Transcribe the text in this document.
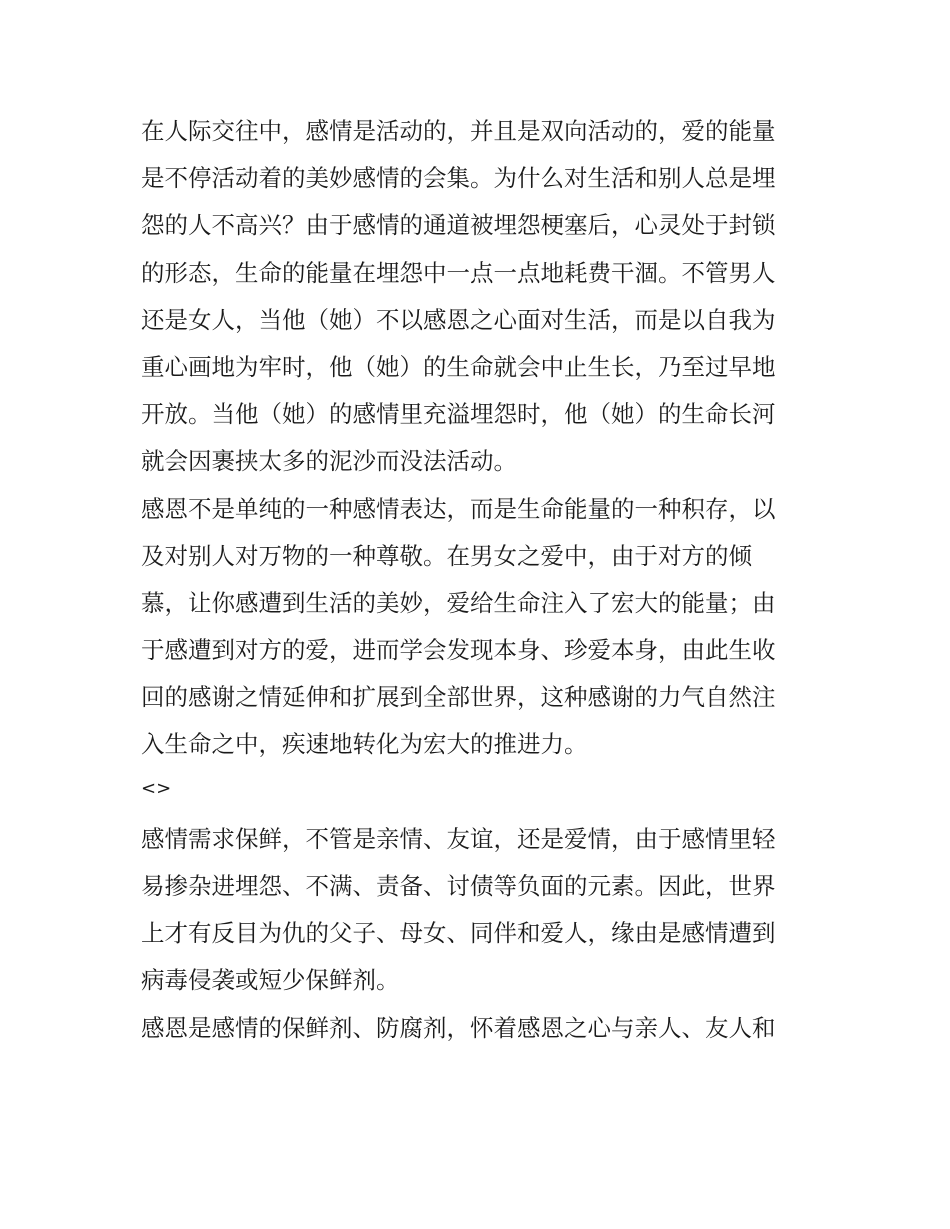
在人际交往中，感情是活动的，并且是双向活动的，爱的能量
是不停活动着的美妙感情的会集。为什么对生活和别人总是埋
怨的人不高兴？由于感情的通道被埋怨梗塞后，心灵处于封锁
的形态，生命的能量在埋怨中一点一点地耗费干涸。不管男人
还是女人，当他（她）不以感恩之心面对生活，而是以自我为
重心画地为牢时，他（她）的生命就会中止生长，乃至过早地
开放。当他（她）的感情里充溢埋怨时，他（她）的生命长河
就会因裹挟太多的泥沙而没法活动。
感恩不是单纯的一种感情表达，而是生命能量的一种积存，以
及对别人对万物的一种尊敬。在男女之爱中，由于对方的倾
慕，让你感遭到生活的美妙，爱给生命注入了宏大的能量；由
于感遭到对方的爱，进而学会发现本身、珍爱本身，由此生收
回的感谢之情延伸和扩展到全部世界，这种感谢的力气自然注
入生命之中，疾速地转化为宏大的推进力。
<>
感情需求保鲜，不管是亲情、友谊，还是爱情，由于感情里轻
易掺杂进埋怨、不满、责备、讨债等负面的元素。因此，世界
上才有反目为仇的父子、母女、同伴和爱人，缘由是感情遭到
病毒侵袭或短少保鲜剂。
感恩是感情的保鲜剂、防腐剂，怀着感恩之心与亲人、友人和
